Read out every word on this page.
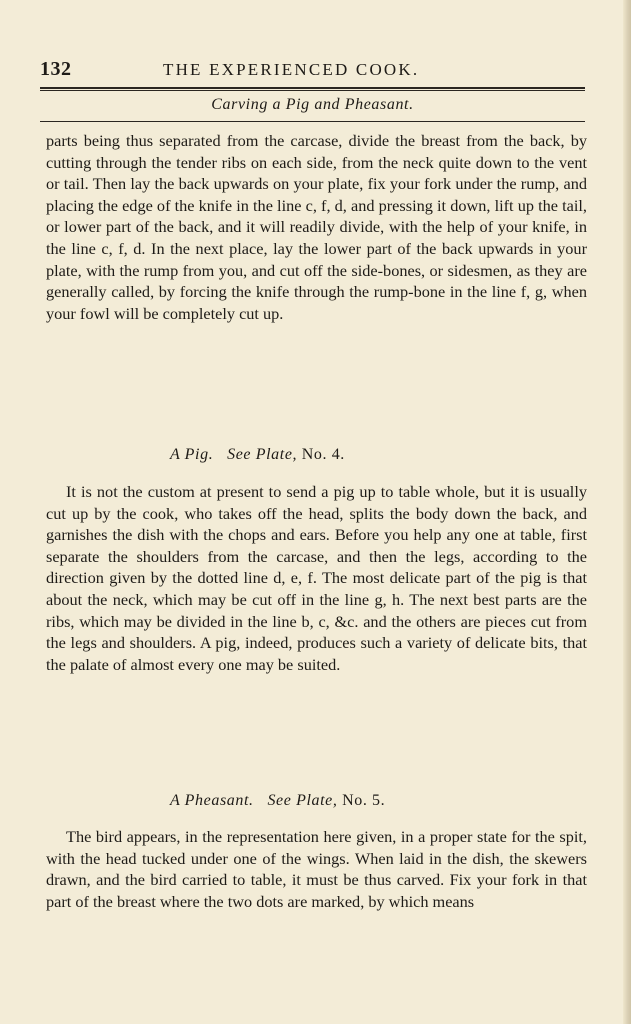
132	THE EXPERIENCED COOK.
Carving a Pig and Pheasant.

parts being thus separated from the carcase, divide the breast from the back, by cutting through the tender ribs on each side, from the neck quite down to the vent or tail. Then lay the back upwards on your plate, fix your fork under the rump, and placing the edge of the knife in the line c, f, d, and pressing it down, lift up the tail, or lower part of the back, and it will readily divide, with the help of your knife, in the line c, f, d. In the next place, lay the lower part of the back upwards in your plate, with the rump from you, and cut off the side-bones, or sidesmen, as they are generally called, by forcing the knife through the rump-bone in the line f, g, when your fowl will be completely cut up.

A Pig. See Plate, No. 4.

It is not the custom at present to send a pig up to table whole, but it is usually cut up by the cook, who takes off the head, splits the body down the back, and garnishes the dish with the chops and ears. Before you help any one at table, first separate the shoulders from the carcase, and then the legs, according to the direction given by the dotted line d, e, f. The most delicate part of the pig is that about the neck, which may be cut off in the line g, h. The next best parts are the ribs, which may be divided in the line b, c, &c. and the others are pieces cut from the legs and shoulders. A pig, indeed, produces such a variety of delicate bits, that the palate of almost every one may be suited.

A Pheasant. See Plate, No. 5.

The bird appears, in the representation here given, in a proper state for the spit, with the head tucked under one of the wings. When laid in the dish, the skewers drawn, and the bird carried to table, it must be thus carved. Fix your fork in that part of the breast where the two dots are marked, by which means
